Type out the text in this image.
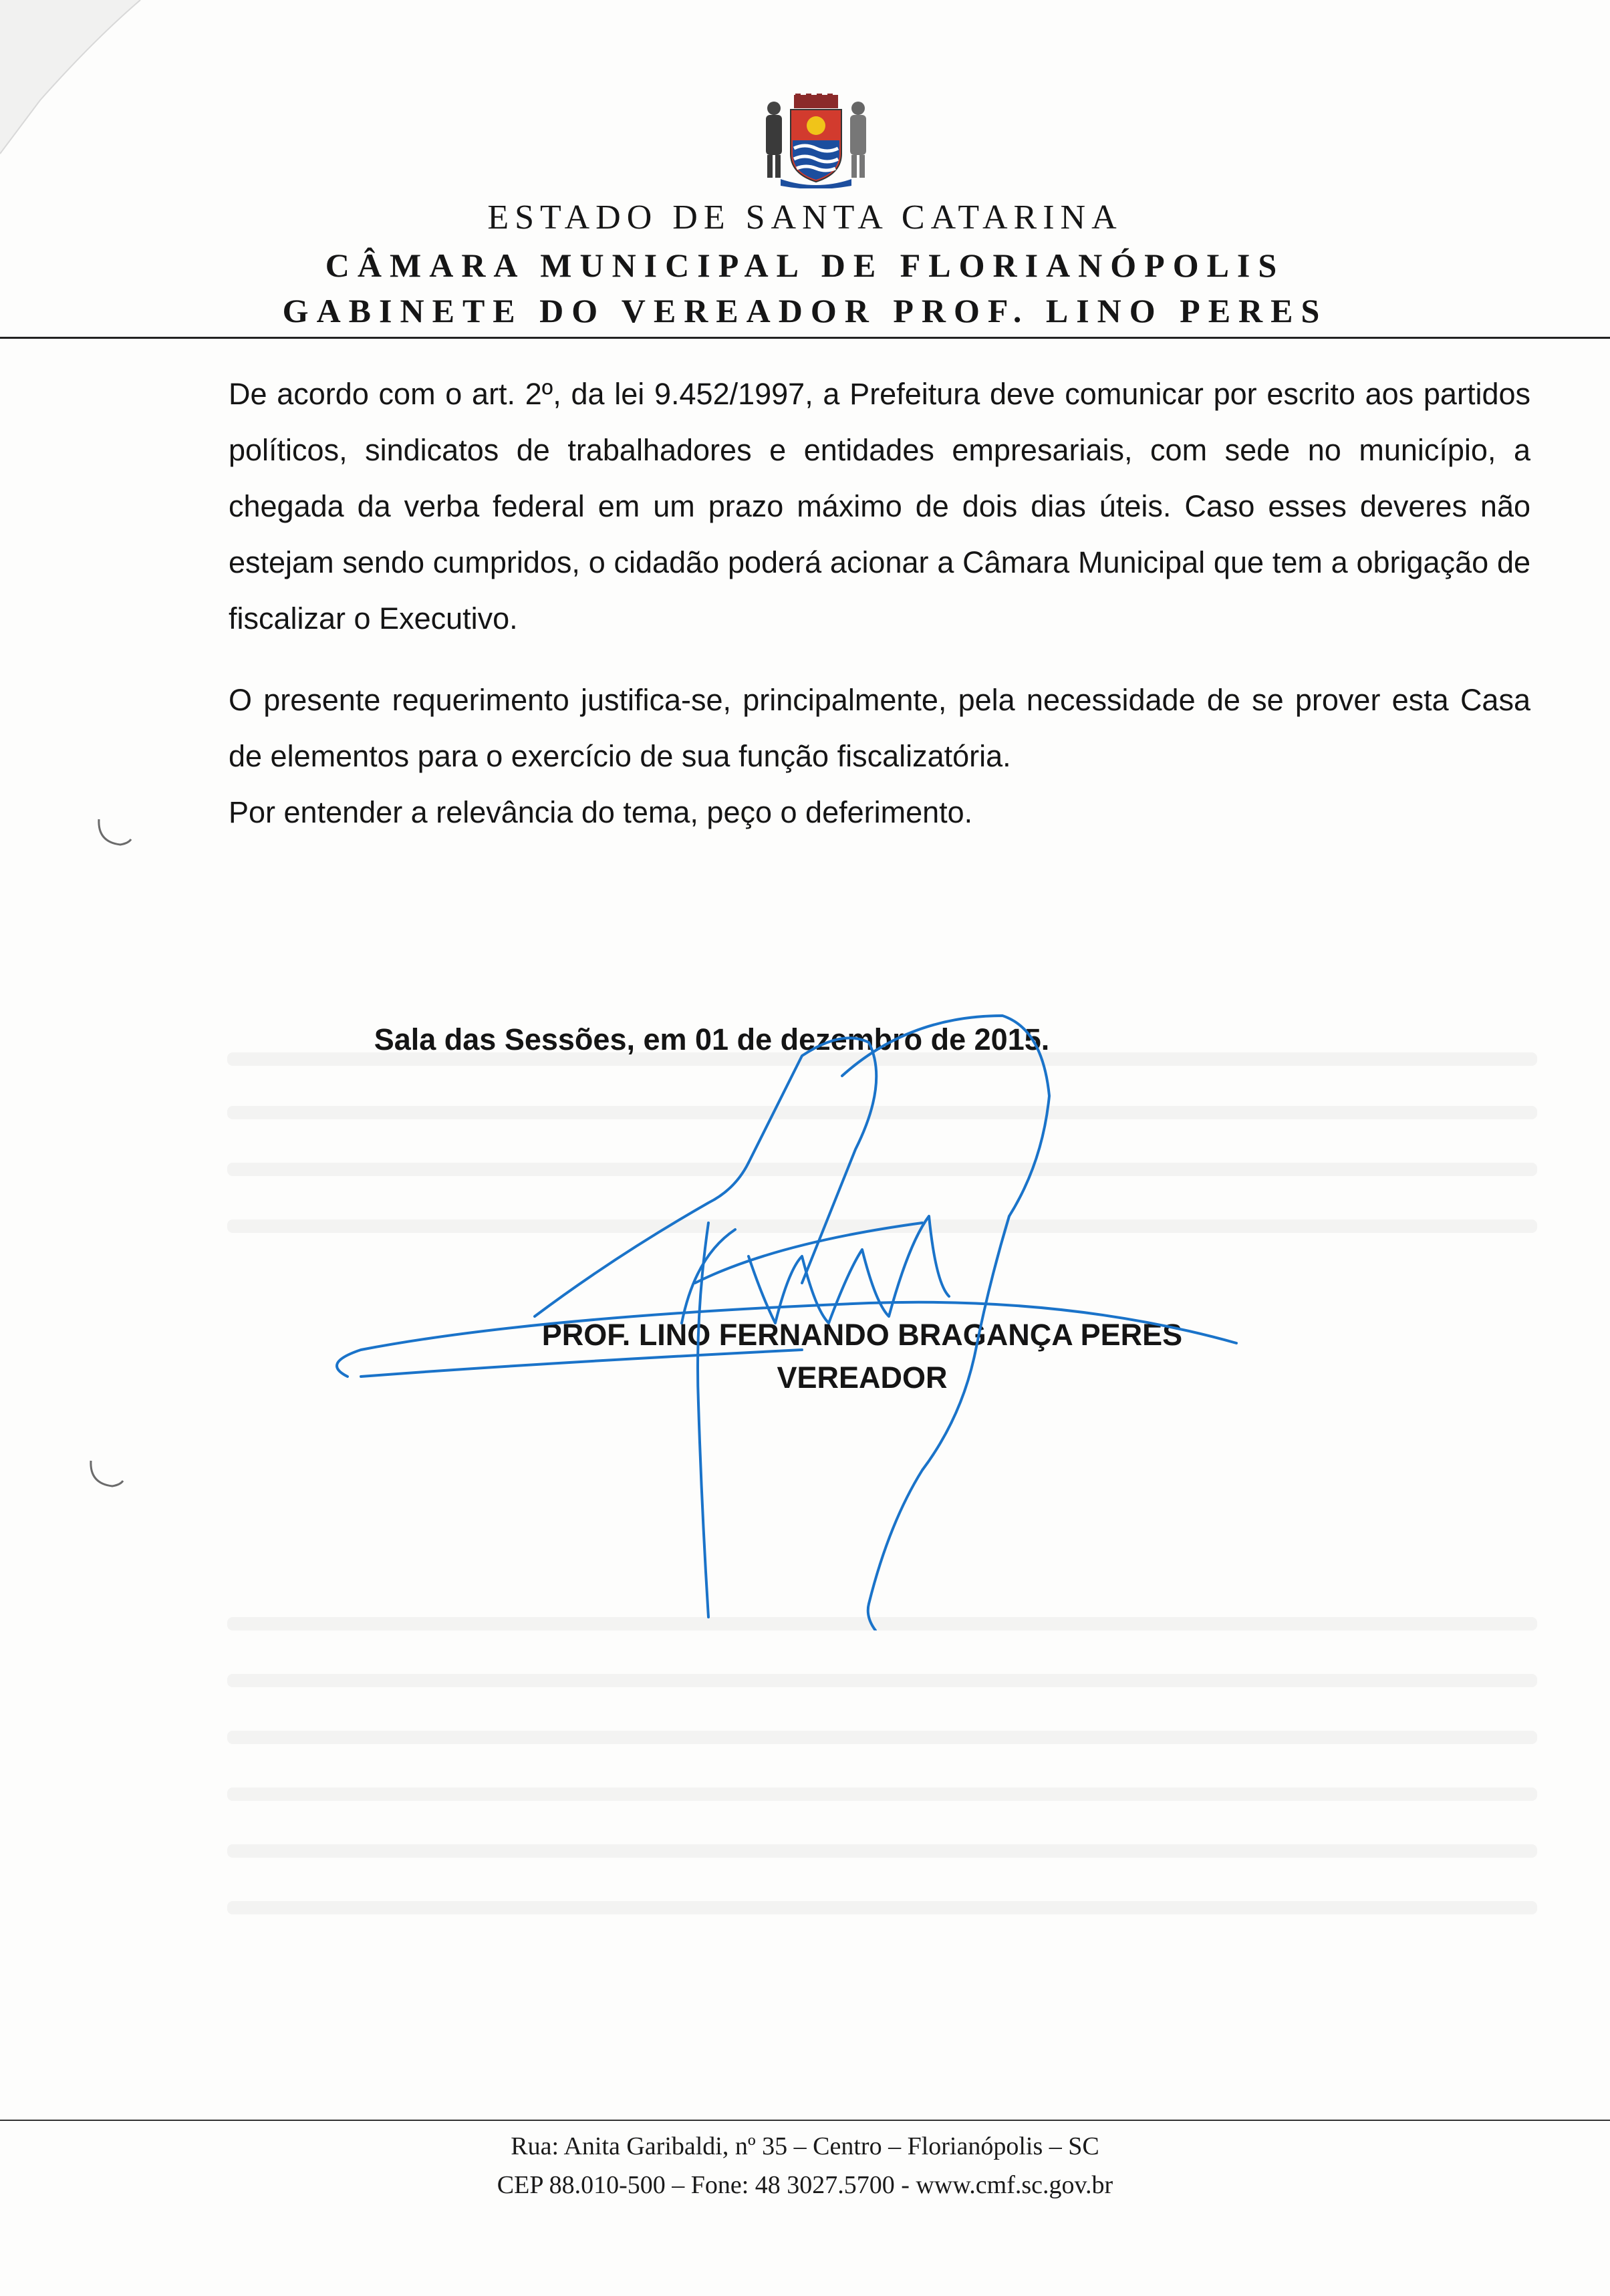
ESTADO DE SANTA CATARINA
CÂMARA MUNICIPAL DE FLORIANÓPOLIS
GABINETE DO VEREADOR PROF. LINO PERES

De acordo com o art. 2º, da lei 9.452/1997, a Prefeitura deve comunicar por escrito aos partidos políticos, sindicatos de trabalhadores e entidades empresariais, com sede no município, a chegada da verba federal em um prazo máximo de dois dias úteis. Caso esses deveres não estejam sendo cumpridos, o cidadão poderá acionar a Câmara Municipal que tem a obrigação de fiscalizar o Executivo.

O presente requerimento justifica-se, principalmente, pela necessidade de se prover esta Casa de elementos para o exercício de sua função fiscalizatória.

Por entender a relevância do tema, peço o deferimento.

Sala das Sessões, em 01 de dezembro de 2015.
PROF. LINO FERNANDO BRAGANÇA PERES
VEREADOR
Rua: Anita Garibaldi, nº 35 – Centro – Florianópolis – SC
CEP 88.010-500 – Fone: 48 3027.5700 - www.cmf.sc.gov.br
